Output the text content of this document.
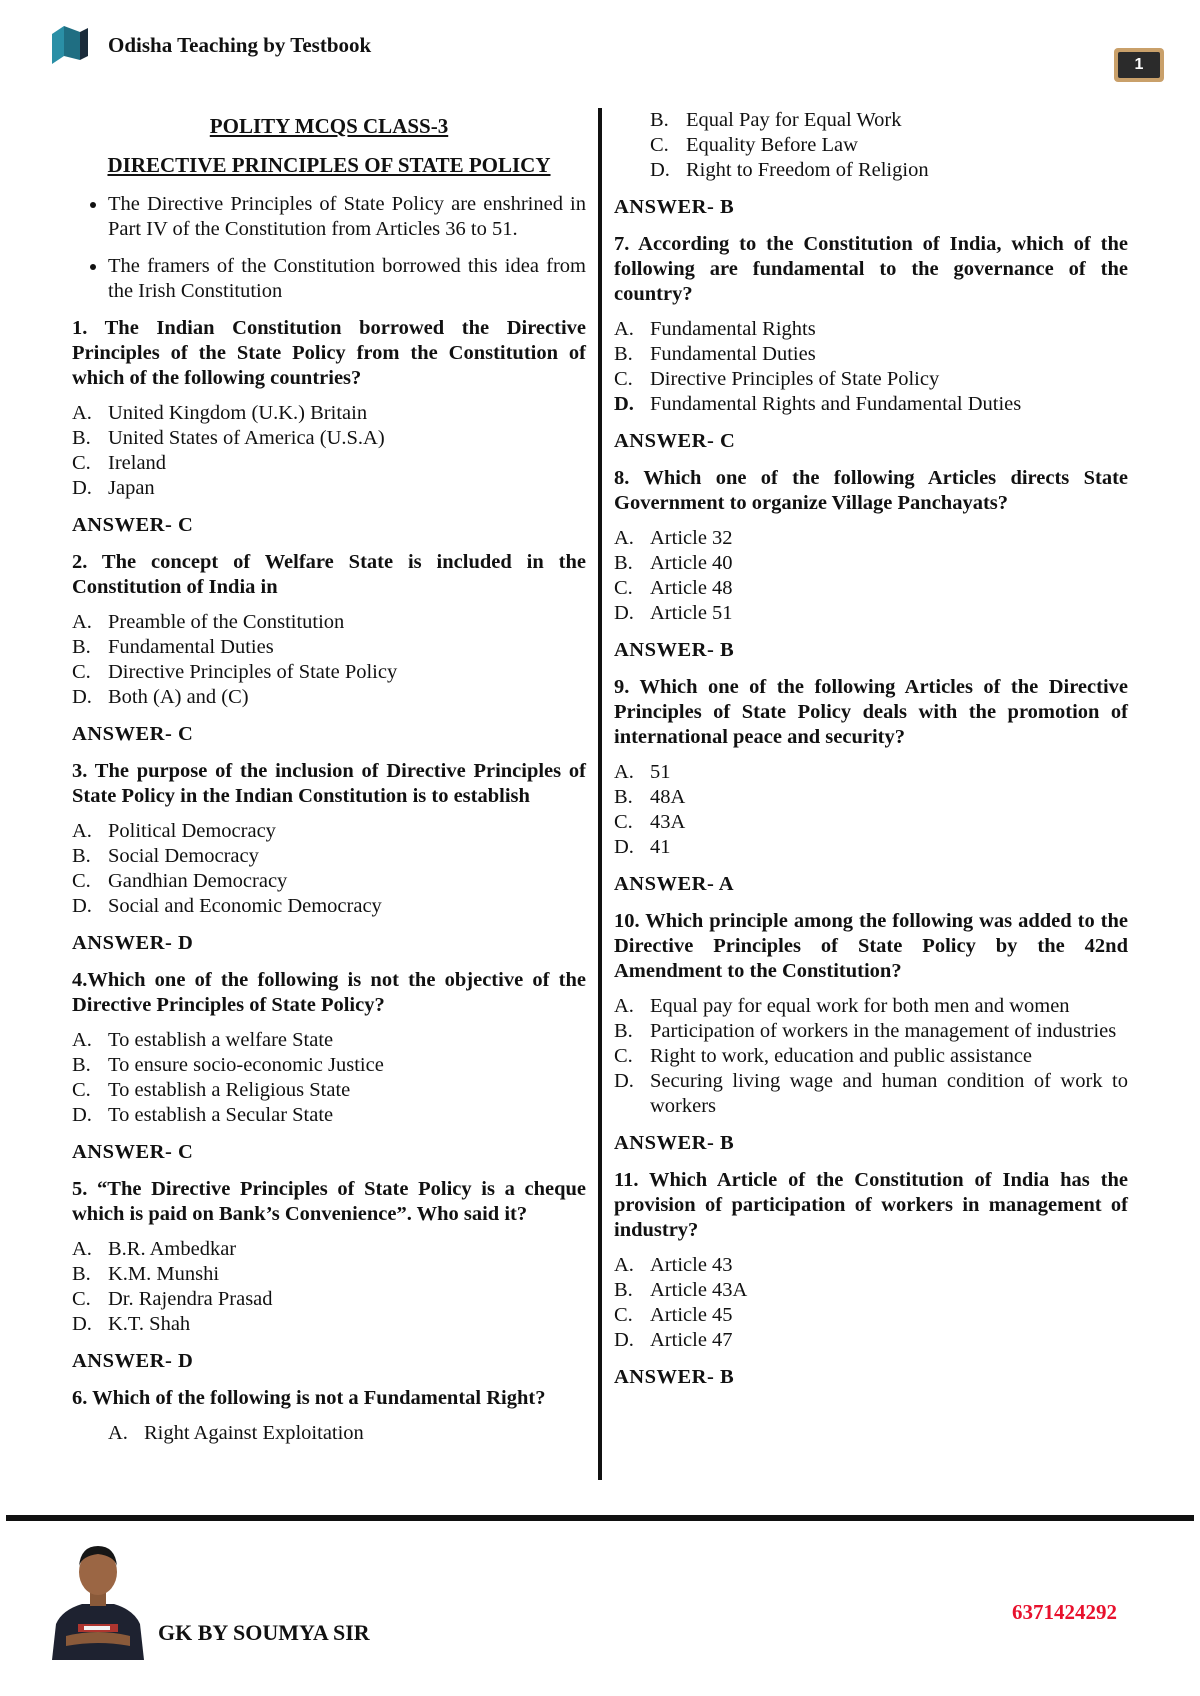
Odisha Teaching by Testbook
1
POLITY MCQS CLASS-3
DIRECTIVE PRINCIPLES OF STATE POLICY
• The Directive Principles of State Policy are enshrined in Part IV of the Constitution from Articles 36 to 51.
• The framers of the Constitution borrowed this idea from the Irish Constitution
1. The Indian Constitution borrowed the Directive Principles of the State Policy from the Constitution of which of the following countries?
A. United Kingdom (U.K.) Britain
B. United States of America (U.S.A)
C. Ireland
D. Japan
ANSWER- C
2. The concept of Welfare State is included in the Constitution of India in
A. Preamble of the Constitution
B. Fundamental Duties
C. Directive Principles of State Policy
D. Both (A) and (C)
ANSWER- C
3. The purpose of the inclusion of Directive Principles of State Policy in the Indian Constitution is to establish
A. Political Democracy
B. Social Democracy
C. Gandhian Democracy
D. Social and Economic Democracy
ANSWER- D
4.Which one of the following is not the objective of the Directive Principles of State Policy?
A. To establish a welfare State
B. To ensure socio-economic Justice
C. To establish a Religious State
D. To establish a Secular State
ANSWER- C
5. “The Directive Principles of State Policy is a cheque which is paid on Bank’s Convenience”. Who said it?
A. B.R. Ambedkar
B. K.M. Munshi
C. Dr. Rajendra Prasad
D. K.T. Shah
ANSWER- D
6. Which of the following is not a Fundamental Right?
A. Right Against Exploitation
B. Equal Pay for Equal Work
C. Equality Before Law
D. Right to Freedom of Religion
ANSWER- B
7. According to the Constitution of India, which of the following are fundamental to the governance of the country?
A. Fundamental Rights
B. Fundamental Duties
C. Directive Principles of State Policy
D. Fundamental Rights and Fundamental Duties
ANSWER- C
8. Which one of the following Articles directs State Government to organize Village Panchayats?
A. Article 32
B. Article 40
C. Article 48
D. Article 51
ANSWER- B
9. Which one of the following Articles of the Directive Principles of State Policy deals with the promotion of international peace and security?
A. 51
B. 48A
C. 43A
D. 41
ANSWER- A
10. Which principle among the following was added to the Directive Principles of State Policy by the 42nd Amendment to the Constitution?
A. Equal pay for equal work for both men and women
B. Participation of workers in the management of industries
C. Right to work, education and public assistance
D. Securing living wage and human condition of work to workers
ANSWER- B
11. Which Article of the Constitution of India has the provision of participation of workers in management of industry?
A. Article 43
B. Article 43A
C. Article 45
D. Article 47
ANSWER- B
GK BY SOUMYA SIR
6371424292
